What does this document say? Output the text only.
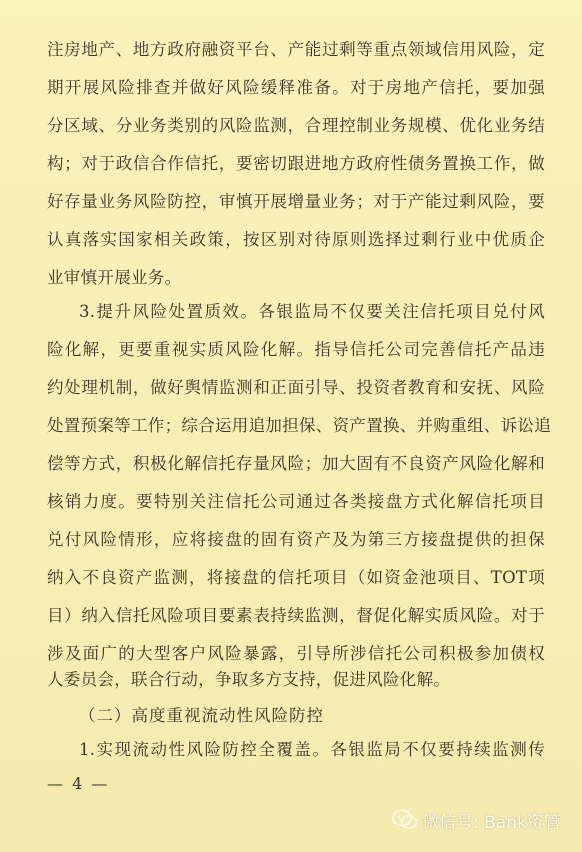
注房地产、地方政府融资平台、产能过剩等重点领域信用风险，定
期开展风险排查并做好风险缓释准备。对于房地产信托，要加强
分区域、分业务类别的风险监测，合理控制业务规模、优化业务结
构；对于政信合作信托，要密切跟进地方政府性债务置换工作，做
好存量业务风险防控，审慎开展增量业务；对于产能过剩风险，要
认真落实国家相关政策，按区别对待原则选择过剩行业中优质企
业审慎开展业务。
3.提升风险处置质效。各银监局不仅要关注信托项目兑付风
险化解，更要重视实质风险化解。指导信托公司完善信托产品违
约处理机制，做好舆情监测和正面引导、投资者教育和安抚、风险
处置预案等工作；综合运用追加担保、资产置换、并购重组、诉讼追
偿等方式，积极化解信托存量风险；加大固有不良资产风险化解和
核销力度。要特别关注信托公司通过各类接盘方式化解信托项目
兑付风险情形，应将接盘的固有资产及为第三方接盘提供的担保
纳入不良资产监测，将接盘的信托项目（如资金池项目、TOT项
目）纳入信托风险项目要素表持续监测，督促化解实质风险。对于
涉及面广的大型客户风险暴露，引导所涉信托公司积极参加债权
人委员会，联合行动，争取多方支持，促进风险化解。
（二）高度重视流动性风险防控
1.实现流动性风险防控全覆盖。各银监局不仅要持续监测传
— 4 —
微信号: Bank资管
